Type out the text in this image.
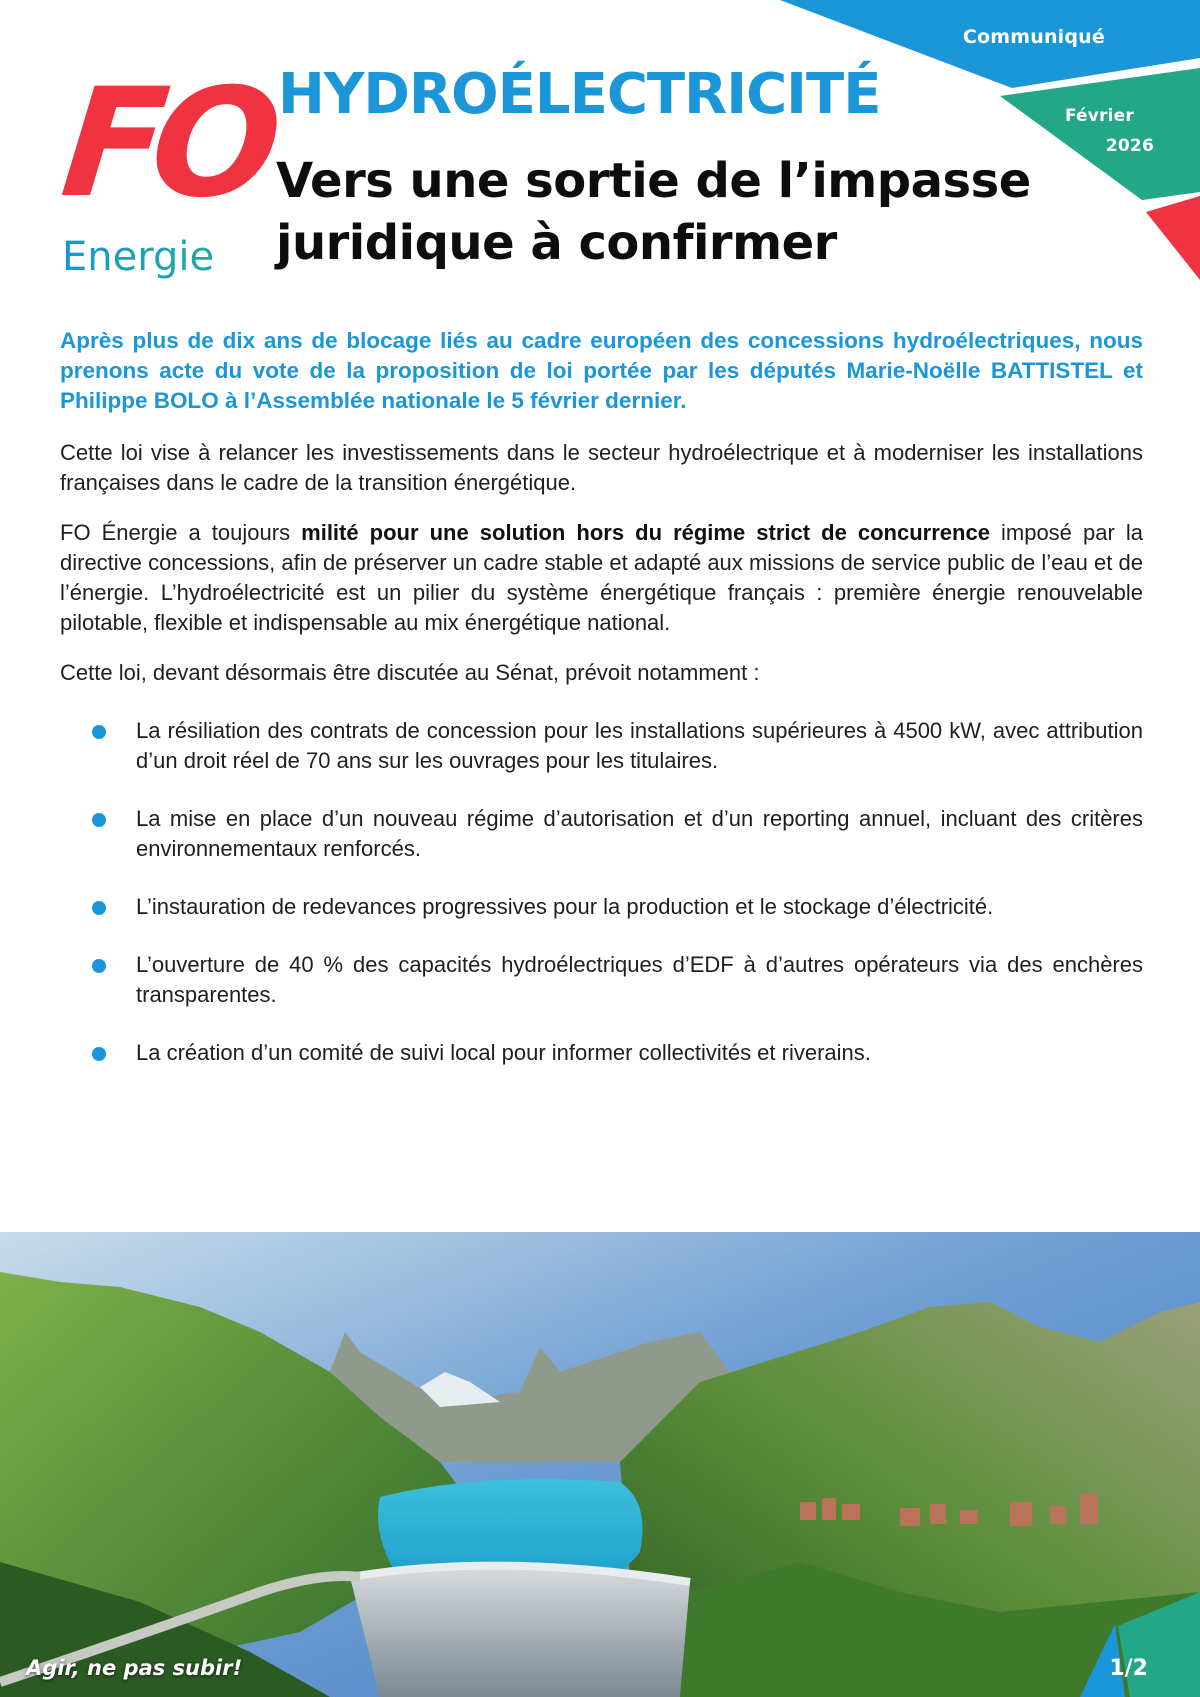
Communiqué
Février
2026
FO
Energie
HYDROÉLECTRICITÉ
Vers une sortie de l’impasse
juridique à confirmer

Après plus de dix ans de blocage liés au cadre européen des concessions hydroélectriques, nous prenons acte du vote de la proposition de loi portée par les députés Marie-Noëlle BATTISTEL et Philippe BOLO à l’Assemblée nationale le 5 février dernier.

Cette loi vise à relancer les investissements dans le secteur hydroélectrique et à moderniser les installations françaises dans le cadre de la transition énergétique.

FO Énergie a toujours milité pour une solution hors du régime strict de concurrence imposé par la directive concessions, afin de préserver un cadre stable et adapté aux missions de service public de l’eau et de l’énergie. L’hydroélectricité est un pilier du système énergétique français : première énergie renouvelable pilotable, flexible et indispensable au mix énergétique national.

Cette loi, devant désormais être discutée au Sénat, prévoit notamment :

La résiliation des contrats de concession pour les installations supérieures à 4500 kW, avec attribution d’un droit réel de 70 ans sur les ouvrages pour les titulaires.
La mise en place d’un nouveau régime d’autorisation et d’un reporting annuel, incluant des critères environnementaux renforcés.
L’instauration de redevances progressives pour la production et le stockage d’électricité.
L’ouverture de 40 % des capacités hydroélectriques d’EDF à d’autres opérateurs via des enchères transparentes.
La création d’un comité de suivi local pour informer collectivités et riverains.
Agir, ne pas subir!	1/2
